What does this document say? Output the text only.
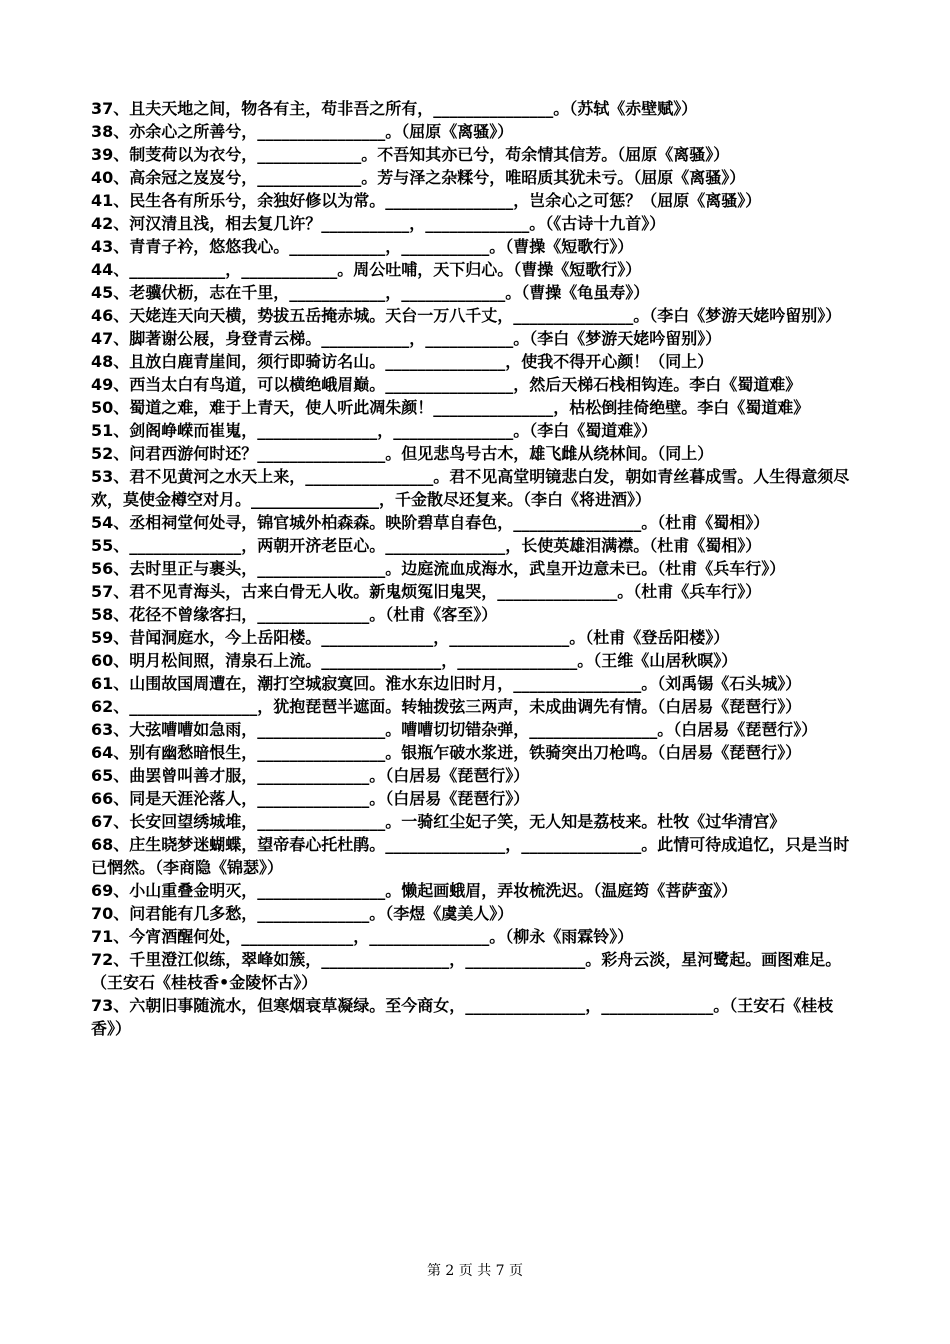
37、且夫天地之间，物各有主，苟非吾之所有，_______________。（苏轼《赤壁赋》）

38、亦余心之所善兮，________________。（屈原《离骚》）

39、制芰荷以为衣兮，_____________。不吾知其亦已兮，苟余情其信芳。（屈原《离骚》）

40、高余冠之岌岌兮，_____________。芳与泽之杂糅兮，唯昭质其犹未亏。（屈原《离骚》）

41、民生各有所乐兮，余独好修以为常。________________，岂余心之可惩？（屈原《离骚》）

42、河汉清且浅，相去复几许？___________，_____________。（《古诗十九首》）

43、青青子衿，悠悠我心。____________，___________。（曹操《短歌行》）

44、____________，____________。周公吐哺，天下归心。（曹操《短歌行》）

45、老骥伏枥，志在千里，____________，_____________。（曹操《龟虽寿》）

46、天姥连天向天横，势拔五岳掩赤城。天台一万八千丈，_______________。（李白《梦游天姥吟留别》）

47、脚著谢公屐，身登青云梯。___________，___________。（李白《梦游天姥吟留别》）

48、且放白鹿青崖间，须行即骑访名山。_______________，使我不得开心颜！（同上）

49、西当太白有鸟道，可以横绝峨眉巅。________________，然后天梯石栈相钩连。李白《蜀道难》

50、蜀道之难，难于上青天，使人听此凋朱颜！_______________，枯松倒挂倚绝壁。李白《蜀道难》

51、剑阁峥嵘而崔嵬，_______________，_______________。（李白《蜀道难》）

52、问君西游何时还？________________。但见悲鸟号古木，雄飞雌从绕林间。（同上）

53、君不见黄河之水天上来，________________。君不见高堂明镜悲白发，朝如青丝暮成雪。人生得意须尽欢，莫使金樽空对月。________________，千金散尽还复来。（李白《将进酒》）

54、丞相祠堂何处寻，锦官城外柏森森。映阶碧草自春色，________________。（杜甫《蜀相》）

55、______________，两朝开济老臣心。_______________，长使英雄泪满襟。（杜甫《蜀相》）

56、去时里正与裹头，________________。边庭流血成海水，武皇开边意未已。（杜甫《兵车行》）

57、君不见青海头，古来白骨无人收。新鬼烦冤旧鬼哭，_______________。（杜甫《兵车行》）

58、花径不曾缘客扫，______________。（杜甫《客至》）

59、昔闻洞庭水，今上岳阳楼。______________，_______________。（杜甫《登岳阳楼》）

60、明月松间照，清泉石上流。_______________，_______________。（王维《山居秋暝》）

61、山围故国周遭在，潮打空城寂寞回。淮水东边旧时月，________________。（刘禹锡《石头城》）

62、________________，犹抱琵琶半遮面。转轴拨弦三两声，未成曲调先有情。（白居易《琵琶行》）

63、大弦嘈嘈如急雨，________________。嘈嘈切切错杂弹，________________。（白居易《琵琶行》）

64、别有幽愁暗恨生，________________。银瓶乍破水浆迸，铁骑突出刀枪鸣。（白居易《琵琶行》）

65、曲罢曾叫善才服，______________。（白居易《琵琶行》）

66、同是天涯沦落人，______________。（白居易《琵琶行》）

67、长安回望绣城堆，________________。一骑红尘妃子笑，无人知是荔枝来。杜牧《过华清宫》

68、庄生晓梦迷蝴蝶，望帝春心托杜鹃。_______________，_______________。此情可待成追忆，只是当时已惘然。（李商隐《锦瑟》）

69、小山重叠金明灭，________________。懒起画蛾眉，弄妆梳洗迟。（温庭筠《菩萨蛮》）

70、问君能有几多愁，______________。（李煜《虞美人》）

71、今宵酒醒何处，______________，_______________。（柳永《雨霖铃》）

72、千里澄江似练，翠峰如簇，________________，_______________。彩舟云淡，星河鹭起。画图难足。（王安石《桂枝香•金陵怀古》）

73、六朝旧事随流水，但寒烟衰草凝绿。至今商女，_______________，______________。（王安石《桂枝香》）

第 2 页 共 7 页
